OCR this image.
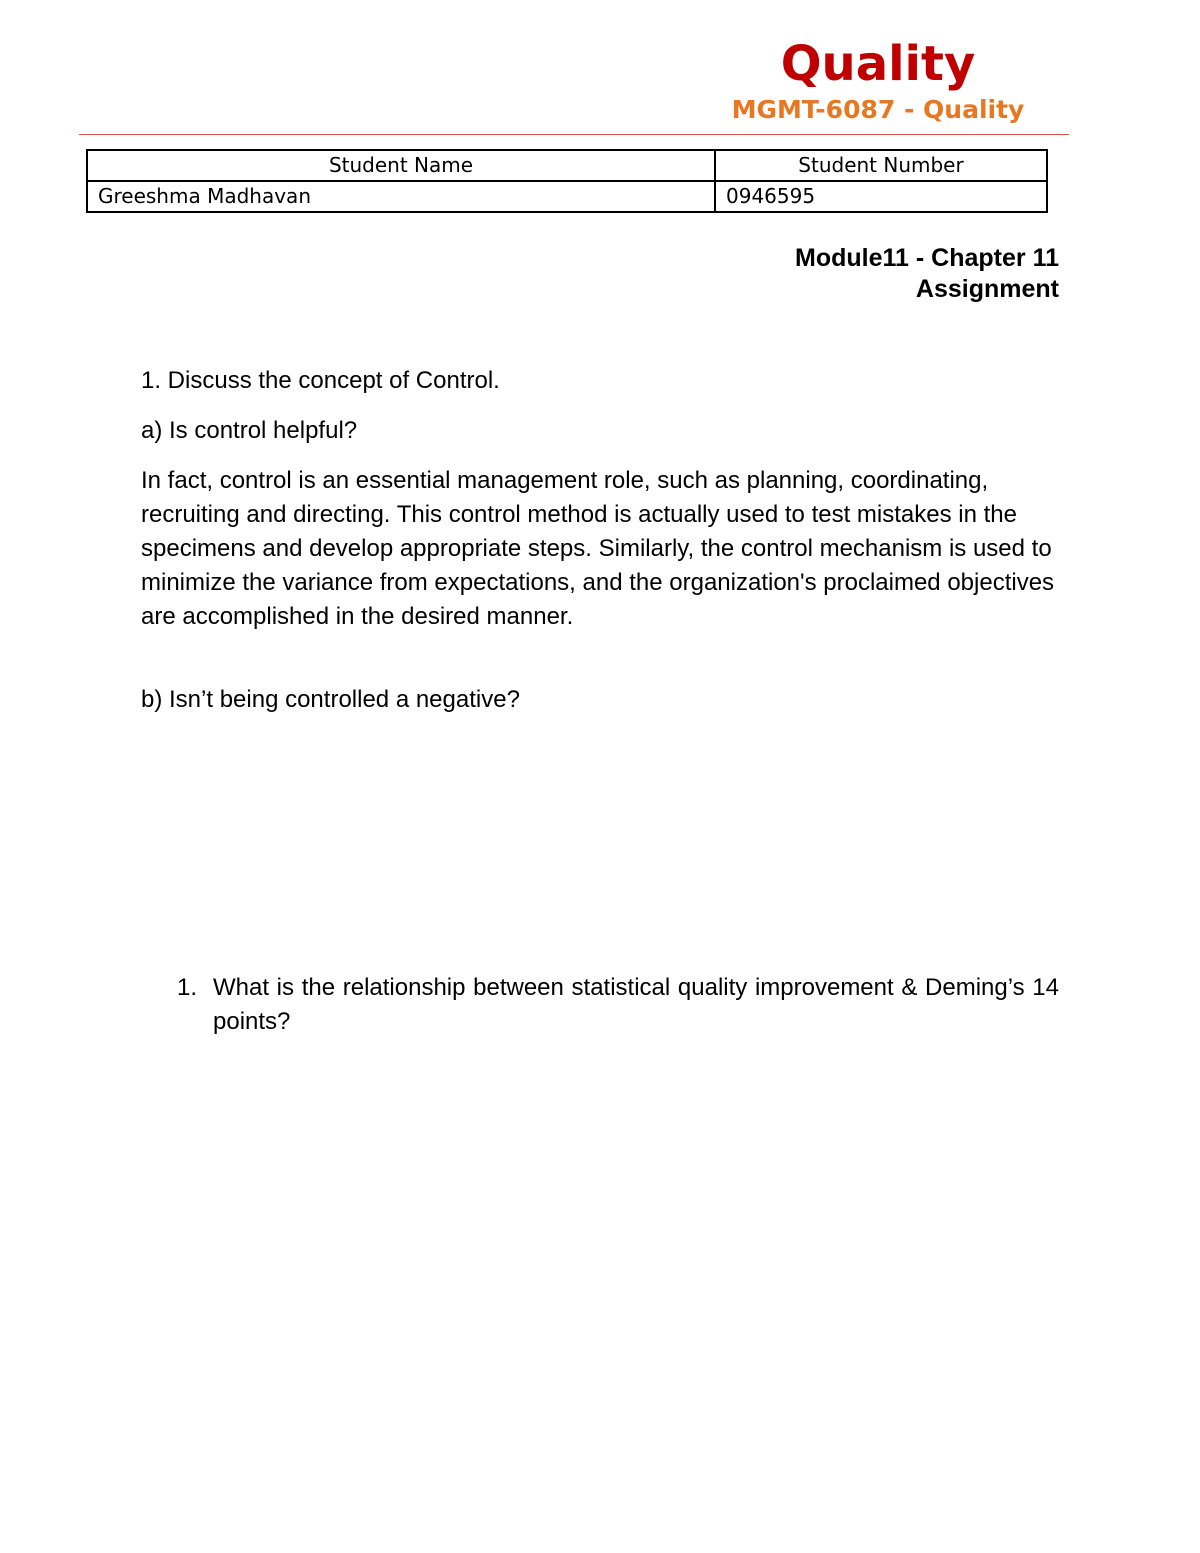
Quality
MGMT-6087 - Quality
Student Name	Student Number
Greeshma Madhavan	0946595
Module11 - Chapter 11
Assignment

1. Discuss the concept of Control.

a) Is control helpful?

In fact, control is an essential management role, such as planning, coordinating, recruiting and directing. This control method is actually used to test mistakes in the specimens and develop appropriate steps. Similarly, the control mechanism is used to minimize the variance from expectations, and the organization's proclaimed objectives are accomplished in the desired manner.

b) Isn’t being controlled a negative?

1. What is the relationship between statistical quality improvement & Deming’s 14 points?
